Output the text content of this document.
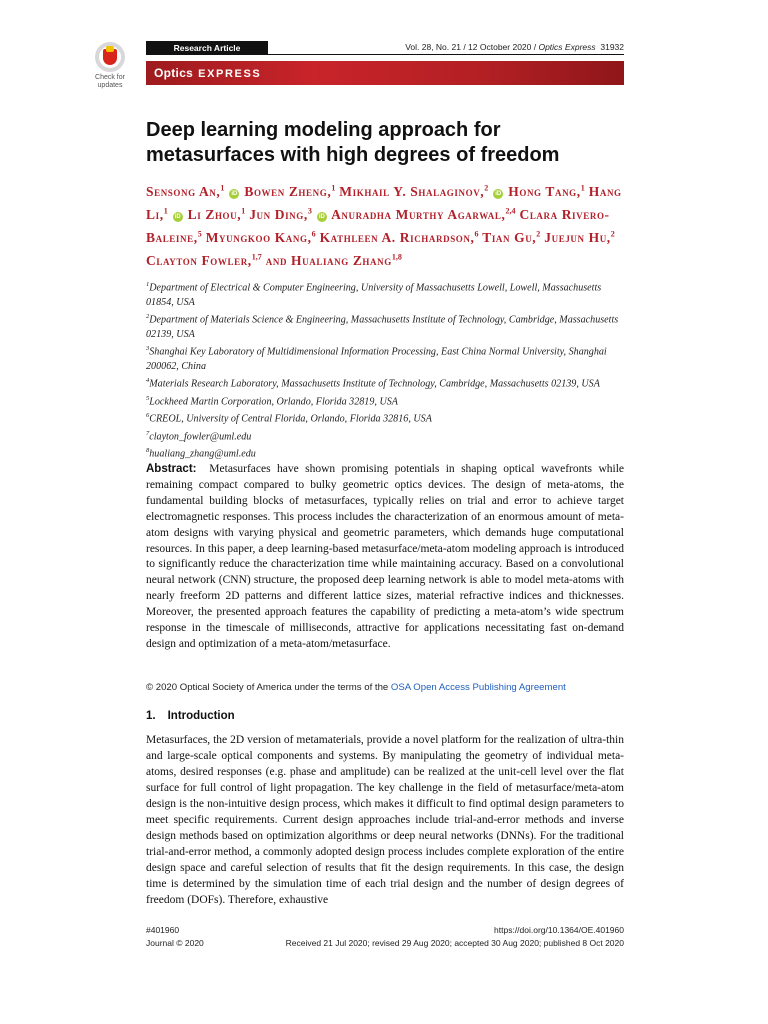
Check for updates
Research Article	Vol. 28, No. 21 / 12 October 2020 / Optics Express 31932
Optics EXPRESS
Deep learning modeling approach for metasurfaces with high degrees of freedom
Sensong An,$^1$ iD Bowen Zheng,$^1$ Mikhail Y. Shalaginov,$^2$ iD Hong Tang,$^1$ Hang Li,$^1$ iD Li Zhou,$^1$ Jun Ding,$^3$ iD Anuradha Murthy Agarwal,$^{2,4}$ Clara Rivero-Baleine,$^5$ Myungkoo Kang,$^6$ Kathleen A. Richardson,$^6$ Tian Gu,$^2$ Juejun Hu,$^2$ Clayton Fowler,$^{1,7}$ and Hualiang Zhang$^{1,8}$
$^1$Department of Electrical & Computer Engineering, University of Massachusetts Lowell, Lowell, Massachusetts 01854, USA
$^2$Department of Materials Science & Engineering, Massachusetts Institute of Technology, Cambridge, Massachusetts 02139, USA
$^3$Shanghai Key Laboratory of Multidimensional Information Processing, East China Normal University, Shanghai 200062, China
$^4$Materials Research Laboratory, Massachusetts Institute of Technology, Cambridge, Massachusetts 02139, USA
$^5$Lockheed Martin Corporation, Orlando, Florida 32819, USA
$^6$CREOL, University of Central Florida, Orlando, Florida 32816, USA
$^7$clayton_fowler@uml.edu
$^8$hualiang_zhang@uml.edu

Abstract: Metasurfaces have shown promising potentials in shaping optical wavefronts while remaining compact compared to bulky geometric optics devices. The design of meta-atoms, the fundamental building blocks of metasurfaces, typically relies on trial and error to achieve target electromagnetic responses. This process includes the characterization of an enormous amount of meta-atom designs with varying physical and geometric parameters, which demands huge computational resources. In this paper, a deep learning-based metasurface/meta-atom modeling approach is introduced to significantly reduce the characterization time while maintaining accuracy. Based on a convolutional neural network (CNN) structure, the proposed deep learning network is able to model meta-atoms with nearly freeform 2D patterns and different lattice sizes, material refractive indices and thicknesses. Moreover, the presented approach features the capability of predicting a meta-atom’s wide spectrum response in the timescale of milliseconds, attractive for applications necessitating fast on-demand design and optimization of a meta-atom/metasurface.

© 2020 Optical Society of America under the terms of the OSA Open Access Publishing Agreement
1. Introduction

Metasurfaces, the 2D version of metamaterials, provide a novel platform for the realization of ultra-thin and large-scale optical components and systems. By manipulating the geometry of individual meta-atoms, desired responses (e.g. phase and amplitude) can be realized at the unit-cell level over the flat surface for full control of light propagation. The key challenge in the field of metasurface/meta-atom design is the non-intuitive design process, which makes it difficult to find optimal design parameters to meet specific requirements. Current design approaches include trial-and-error methods and inverse design methods based on optimization algorithms or deep neural networks (DNNs). For the traditional trial-and-error method, a commonly adopted design process includes complete exploration of the entire design space and careful selection of results that fit the design requirements. In this case, the design time is determined by the simulation time of each trial design and the number of design degrees of freedom (DOFs). Therefore, exhaustive

#401960
Journal © 2020
https://doi.org/10.1364/OE.401960
Received 21 Jul 2020; revised 29 Aug 2020; accepted 30 Aug 2020; published 8 Oct 2020
